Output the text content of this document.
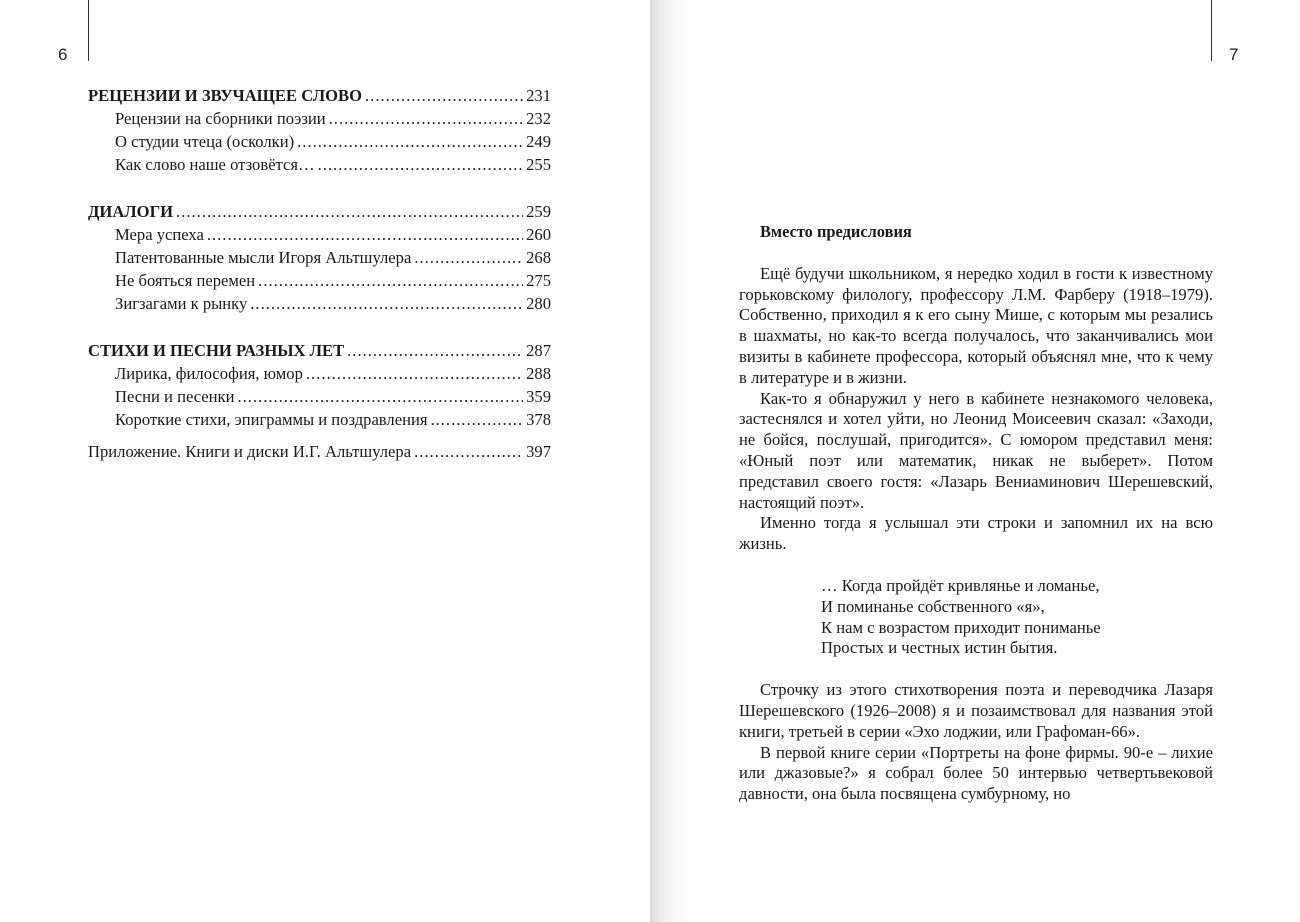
6
РЕЦЕНЗИИ И ЗВУЧАЩЕЕ СЛОВО .....	231
Рецензии на сборники поэзии .....	232
О студии чтеца (осколки) .....	249
Как слово наше отзовётся… .....	255
ДИАЛОГИ .....	259
Мера успеха .....	260
Патентованные мысли Игоря Альтшулера .....	268
Не бояться перемен .....	275
Зигзагами к рынку .....	280
СТИХИ И ПЕСНИ РАЗНЫХ ЛЕТ .....	287
Лирика, философия, юмор .....	288
Песни и песенки .....	359
Короткие стихи, эпиграммы и поздравления .....	378
Приложение. Книги и диски И.Г. Альтшулера .....	397
7
Вместо предисловия

Ещё будучи школьником, я нередко ходил в гости к известному горьковскому филологу, профессору Л.М. Фарберу (1918–1979). Собственно, приходил я к его сыну Мише, с которым мы резались в шахматы, но как-то всегда получалось, что заканчивались мои визиты в кабинете профессора, который объяснял мне, что к чему в литературе и в жизни.

Как-то я обнаружил у него в кабинете незнакомого человека, застеснялся и хотел уйти, но Леонид Моисеевич сказал: «Заходи, не бойся, послушай, пригодится». С юмором представил меня: «Юный поэт или математик, никак не выберет». Потом представил своего гостя: «Лазарь Вениаминович Шерешевский, настоящий поэт».

Именно тогда я услышал эти строки и запомнил их на всю жизнь.

… Когда пройдёт кривлянье и ломанье,
И поминанье собственного «я»,
К нам с возрастом приходит пониманье
Простых и честных истин бытия.

Строчку из этого стихотворения поэта и переводчика Лазаря Шерешевского (1926–2008) я и позаимствовал для названия этой книги, третьей в серии «Эхо лоджии, или Графоман-66».

В первой книге серии «Портреты на фоне фирмы. 90-е – лихие или джазовые?» я собрал более 50 интервью четвертьвековой давности, она была посвящена сумбурному, но
